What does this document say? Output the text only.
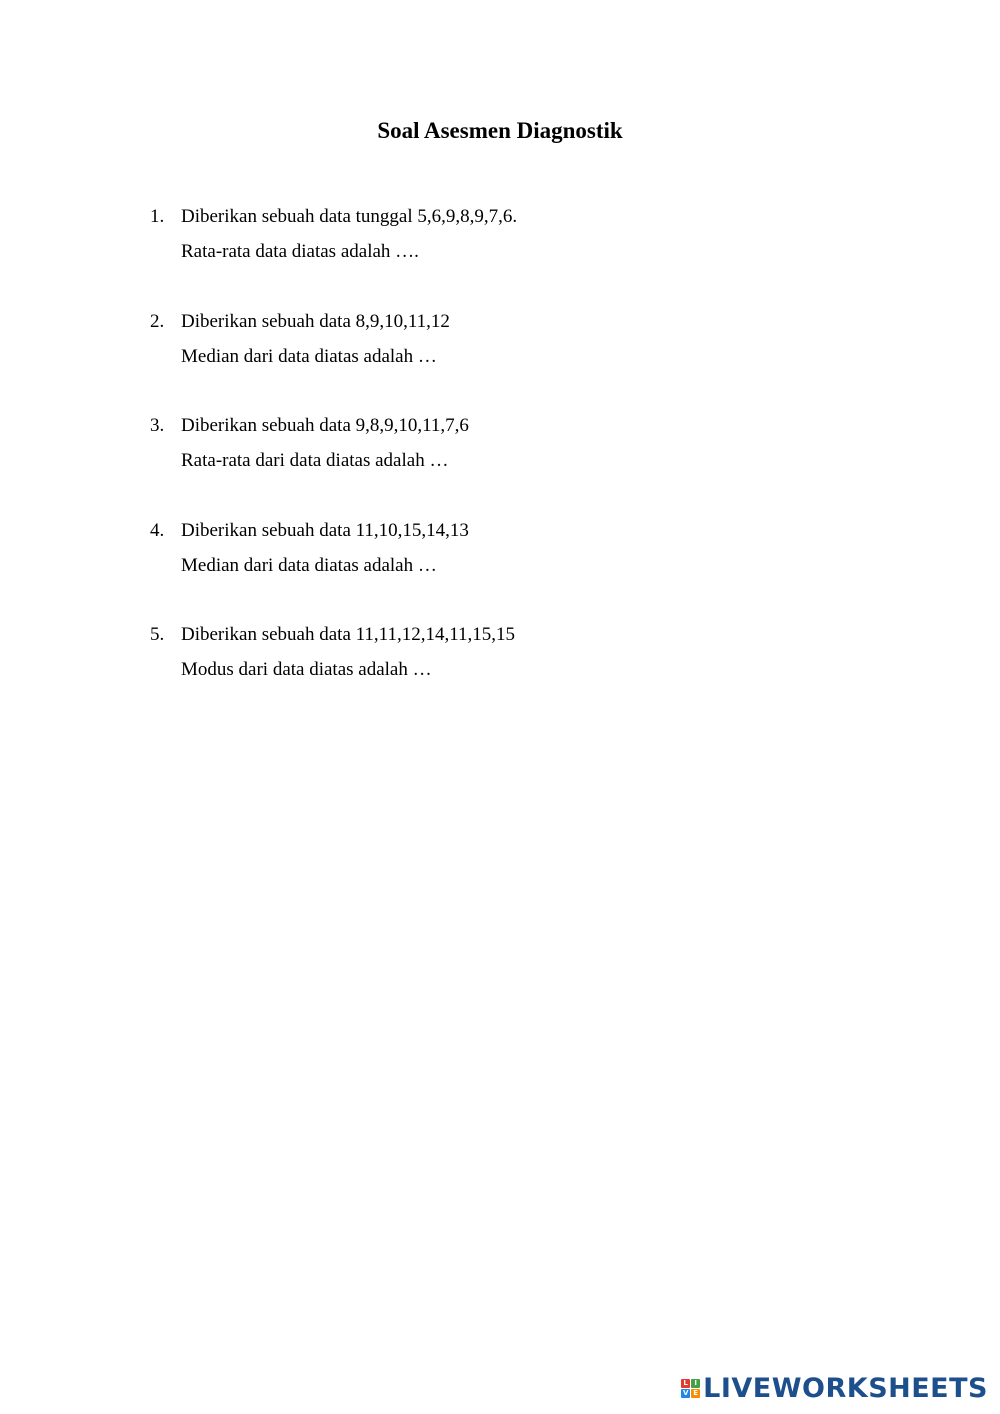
Soal Asesmen Diagnostik
1. Diberikan sebuah data tunggal 5,6,9,8,9,7,6.
Rata-rata data diatas adalah ….
2. Diberikan sebuah data 8,9,10,11,12
Median dari data diatas adalah …
3. Diberikan sebuah data 9,8,9,10,11,7,6
Rata-rata dari data diatas adalah …
4. Diberikan sebuah data 11,10,15,14,13
Median dari data diatas adalah …
5. Diberikan sebuah data 11,11,12,14,11,15,15
Modus dari data diatas adalah …
L I
V E LIVEWORKSHEETS
